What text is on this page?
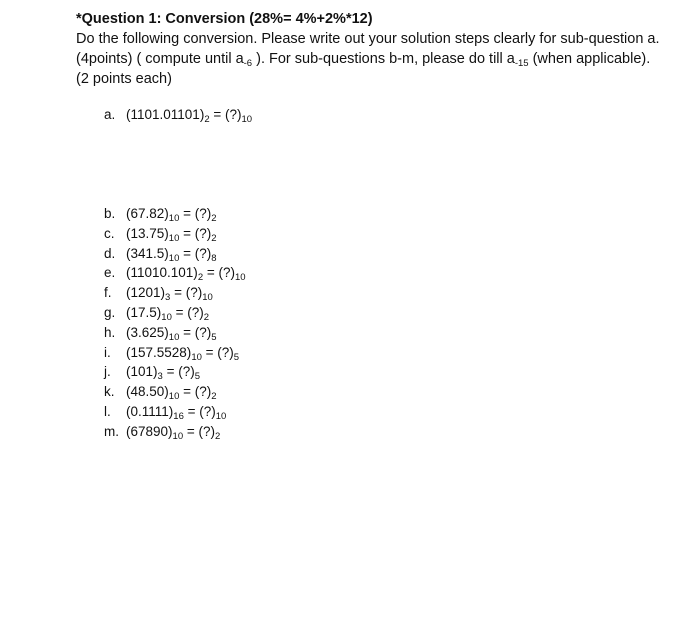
*Question 1: Conversion (28%= 4%+2%*12)

Do the following conversion. Please write out your solution steps clearly for sub-question a. (4points) ( compute until $a_{-6}$ ). For sub-questions b-m, please do till $a_{-15}$ (when applicable). (2 points each)

a. $(1101.01101)_2$ = $(?)_{10}$
b. $(67.82)_{10}$ = $(?)_2$
c. $(13.75)_{10}$ = $(?)_2$
d. $(341.5)_{10}$ = $(?)_8$
e. $(11010.101)_2$ = $(?)_{10}$
f.	$(1201)_3$ = $(?)_{10}$
g. $(17.5)_{10}$ = $(?)_2$
h. $(3.625)_{10}$ = $(?)_5$
i.	$(157.5528)_{10}$ = $(?)_5$
j.	$(101)_3$ = $(?)_5$
k. $(48.50)_{10}$ = $(?)_2$
l.	$(0.1111)_{16}$ = $(?)_{10}$
m. $(67890)_{10}$ = $(?)_2$
